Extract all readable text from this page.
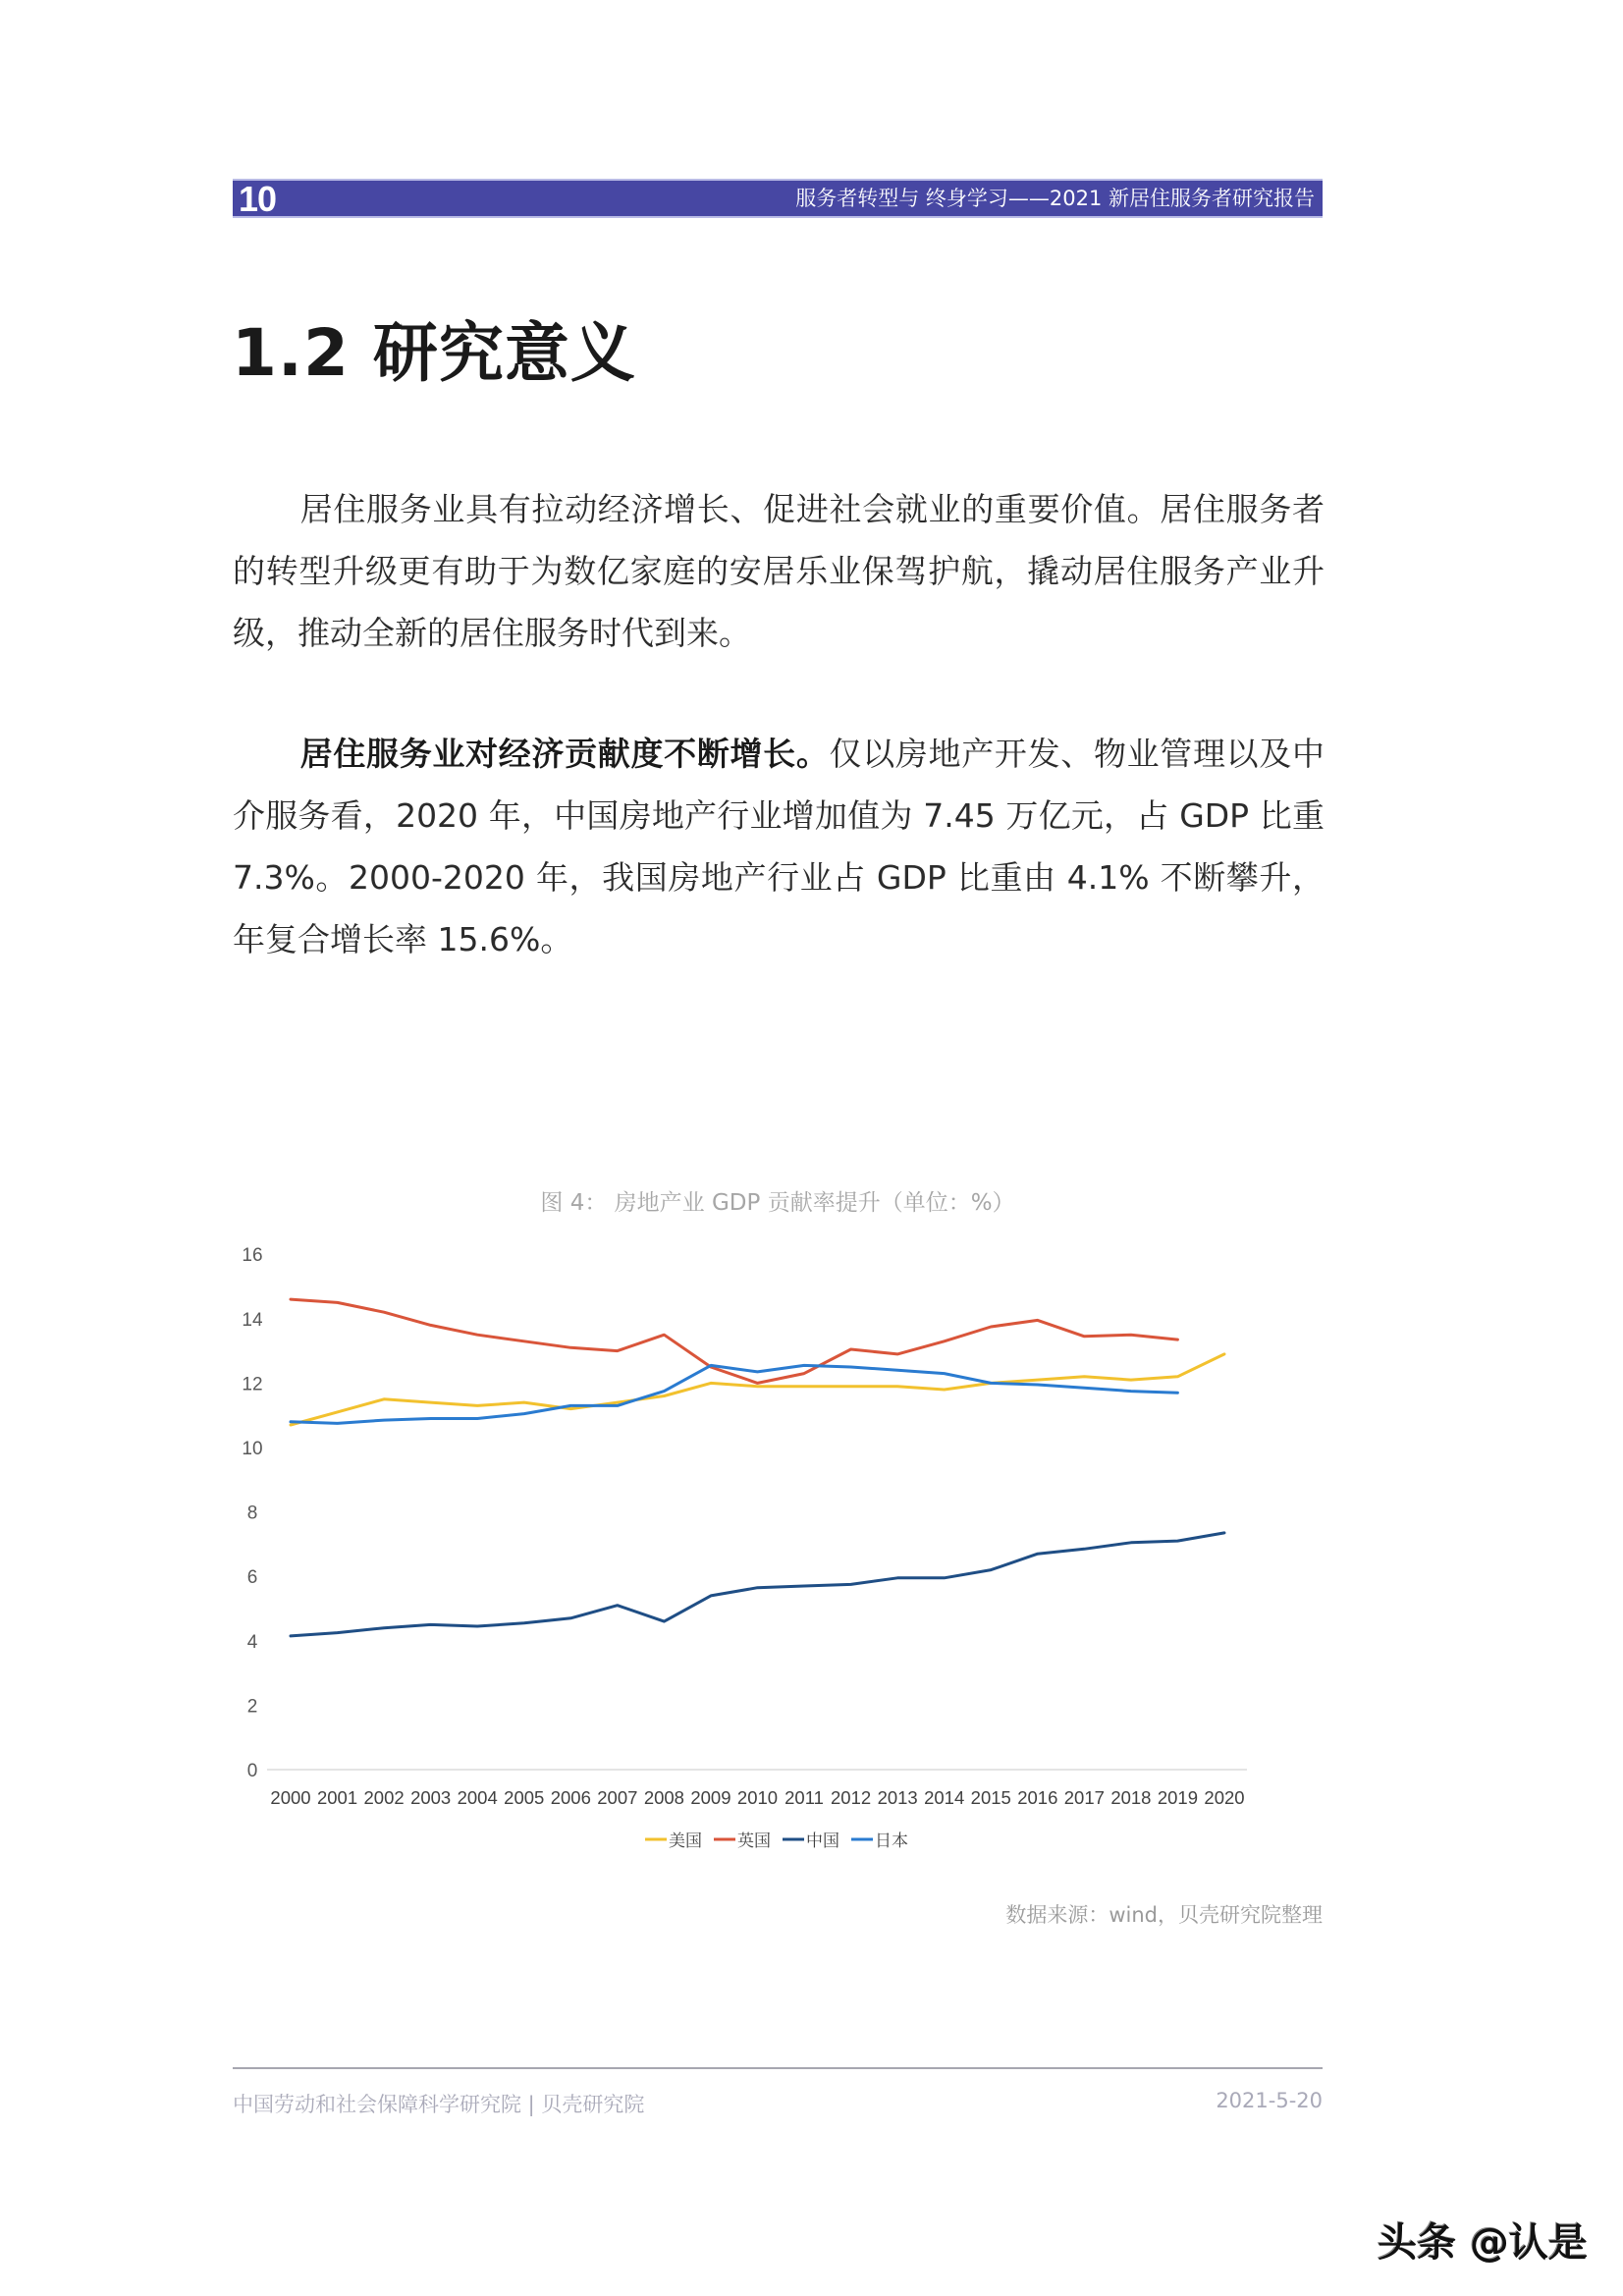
10	服务者转型与 终身学习——2021 新居住服务者研究报告
1.2 研究意义
居住服务业具有拉动经济增长、促进社会就业的重要价值。居住服务者的转型升级更有助于为数亿家庭的安居乐业保驾护航，撬动居住服务产业升级，推动全新的居住服务时代到来。
居住服务业对经济贡献度不断增长。仅以房地产开发、物业管理以及中介服务看，2020 年，中国房地产行业增加值为 7.45 万亿元，占 GDP 比重 7.3%。2000-2020 年，我国房地产行业占 GDP 比重由 4.1% 不断攀升，年复合增长率 15.6%。
图 4： 房地产业 GDP 贡献率提升（单位：%）
0
2
4
6
8
10
12
14
16
2000 2001 2002 2003 2004 2005 2006 2007 2008 2009 2010 2011 2012 2013 2014 2015 2016 2017 2018 2019 2020
美国 英国 中国 日本
数据来源：wind，贝壳研究院整理
中国劳动和社会保障科学研究院 | 贝壳研究院	2021-5-20
头条 @认是
